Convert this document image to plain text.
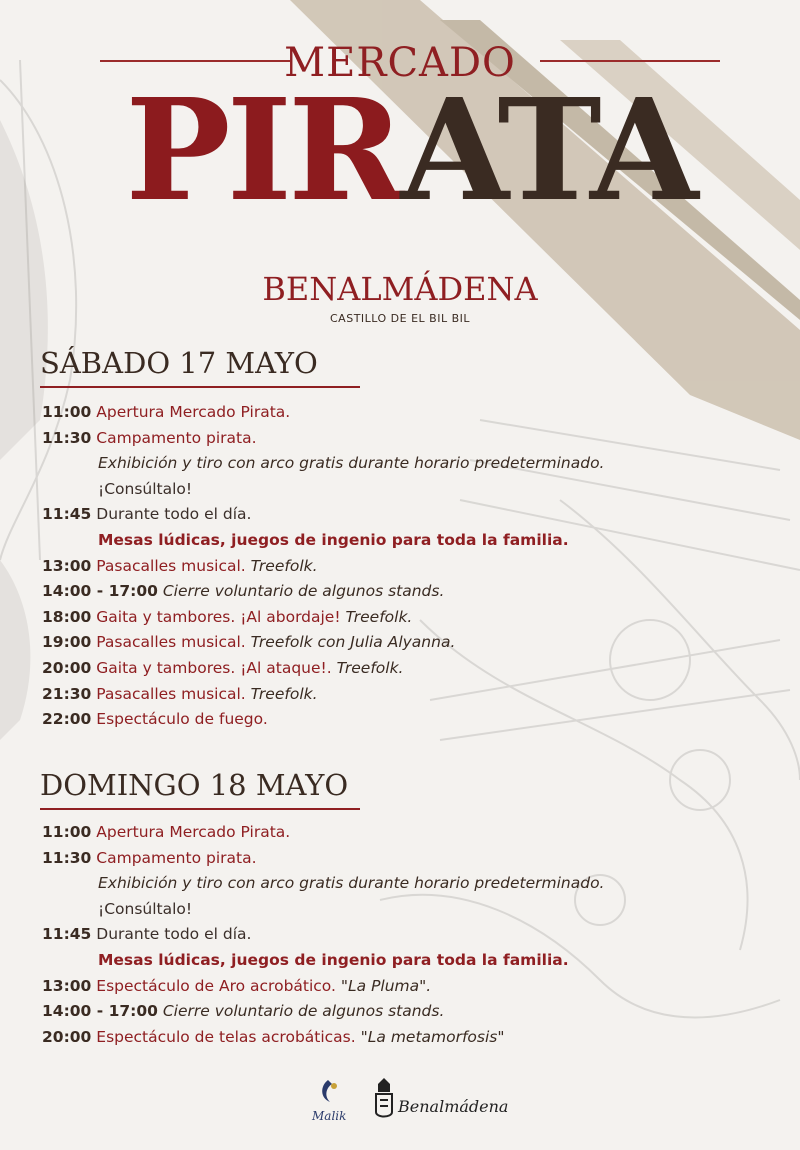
MERCADO
PIRATA
BENALMÁDENA
CASTILLO DE EL BIL BIL
SÁBADO 17 MAYO
11:00 Apertura Mercado Pirata.
11:30 Campamento pirata.
Exhibición y tiro con arco gratis durante horario predeterminado.
¡Consúltalo!
11:45 Durante todo el día.
Mesas lúdicas, juegos de ingenio para toda la familia.
13:00 Pasacalles musical. Treefolk.
14:00 - 17:00 Cierre voluntario de algunos stands.
18:00 Gaita y tambores. ¡Al abordaje! Treefolk.
19:00 Pasacalles musical. Treefolk con Julia Alyanna.
20:00 Gaita y tambores. ¡Al ataque!. Treefolk.
21:30 Pasacalles musical. Treefolk.
22:00 Espectáculo de fuego.
DOMINGO 18 MAYO
11:00 Apertura Mercado Pirata.
11:30 Campamento pirata.
Exhibición y tiro con arco gratis durante horario predeterminado.
¡Consúltalo!
11:45 Durante todo el día.
Mesas lúdicas, juegos de ingenio para toda la familia.
13:00 Espectáculo de Aro acrobático. "La Pluma".
14:00 - 17:00 Cierre voluntario de algunos stands.
20:00 Espectáculo de telas acrobáticas. "La metamorfosis"
Malik	Benalmádena
